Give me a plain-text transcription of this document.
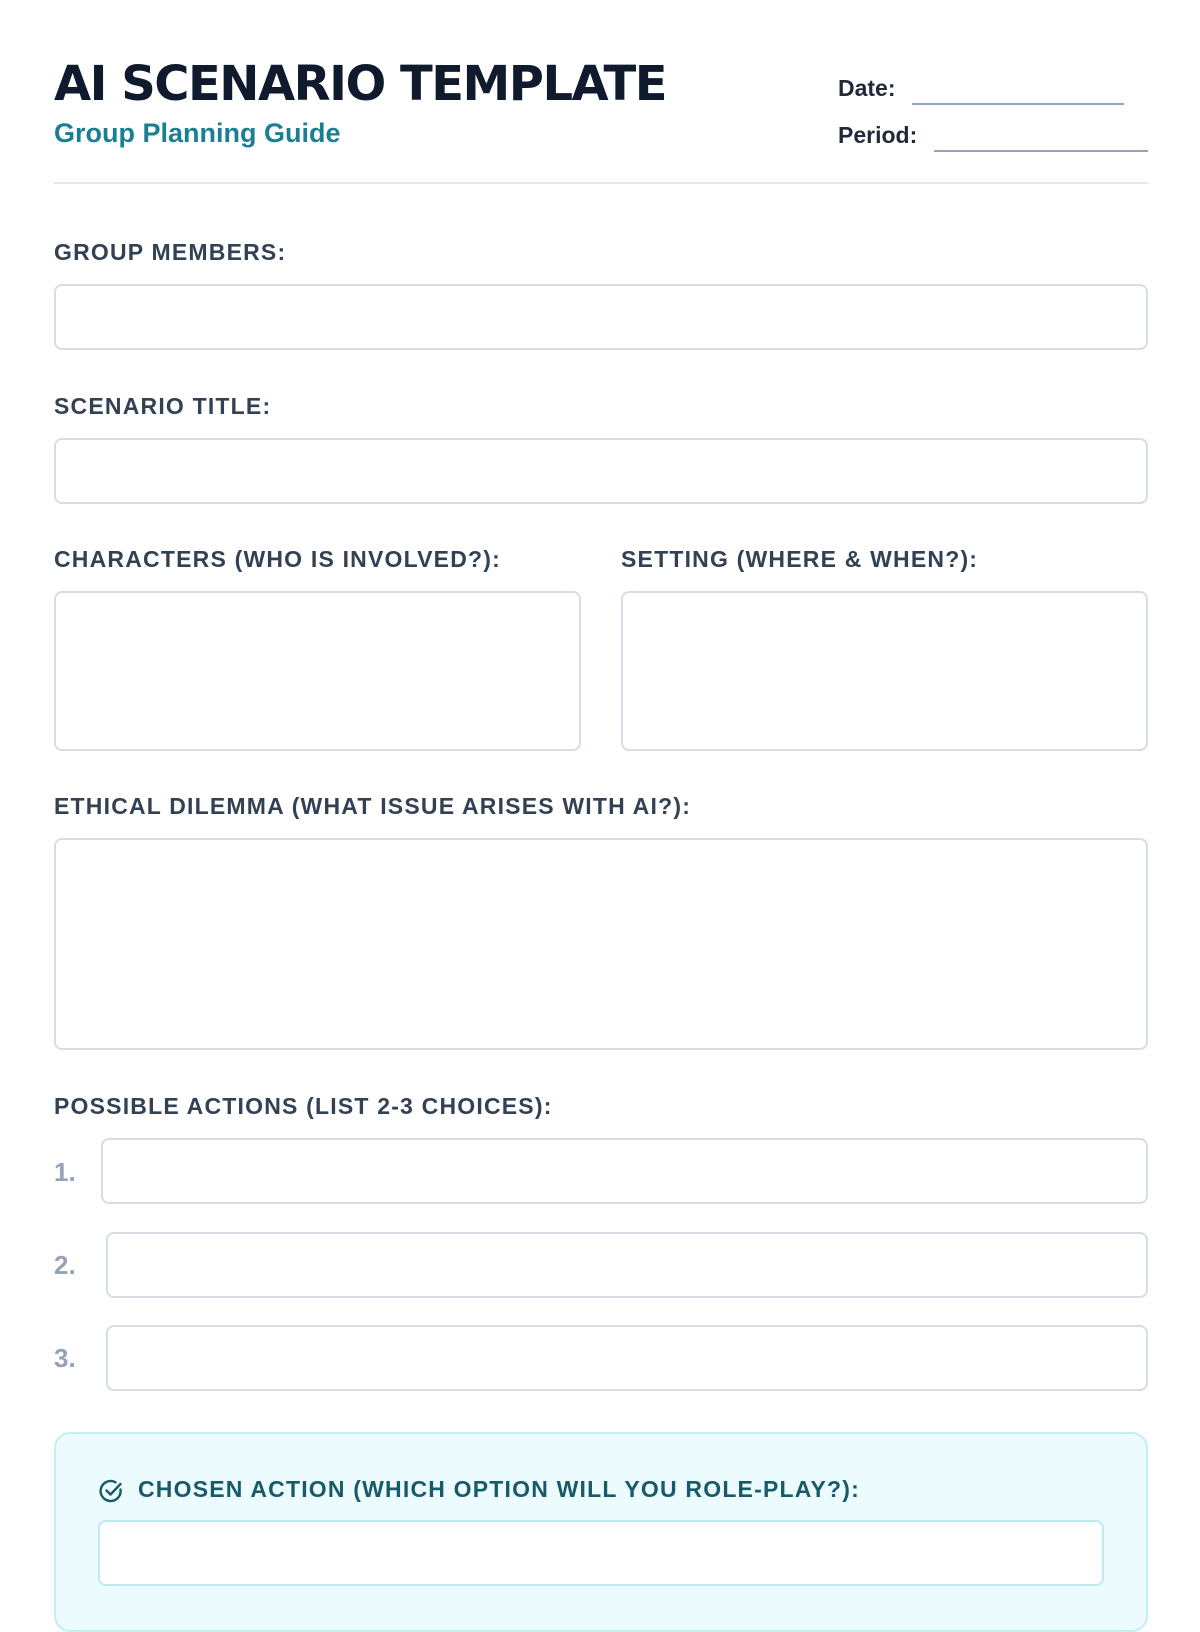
AI SCENARIO TEMPLATE
Group Planning Guide
Date:
Period:
GROUP MEMBERS:
SCENARIO TITLE:
CHARACTERS (WHO IS INVOLVED?):	SETTING (WHERE & WHEN?):
ETHICAL DILEMMA (WHAT ISSUE ARISES WITH AI?):
POSSIBLE ACTIONS (LIST 2-3 CHOICES):
1.
2.
3.
CHOSEN ACTION (WHICH OPTION WILL YOU ROLE-PLAY?):
